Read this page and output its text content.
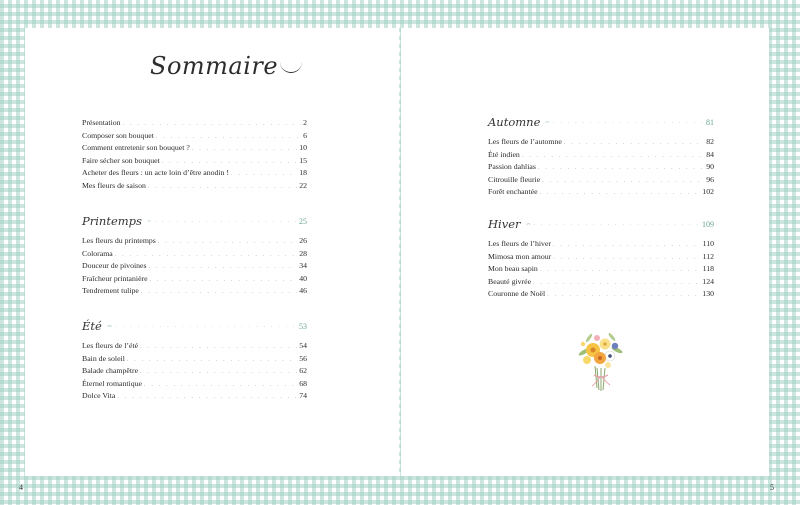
Sommaire
Présentation . . .	2
Composer son bouquet . . .	6
Comment entretenir son bouquet ? . . .	10
Faire sécher son bouquet . . .	15
Acheter des fleurs : un acte loin d’être anodin ! . . .	18
Mes fleurs de saison . . .	22
Printemps . . .	25
Les fleurs du printemps . . .	26
Colorama . . .	28
Douceur de pivoines . . .	34
Fraîcheur printanière . . .	40
Tendrement tulipe . . .	46
Été . . .	53
Les fleurs de l’été . . .	54
Bain de soleil . . .	56
Balade champêtre . . .	62
Éternel romantique . . .	68
Dolce Vita . . .	74
Automne . . .	81
Les fleurs de l’automne . . .	82
Été indien . . .	84
Passion dahlias . . .	90
Citrouille fleurie . . .	96
Forêt enchantée . . .	102
Hiver . . .	109
Les fleurs de l’hiver . . .	110
Mimosa mon amour . . .	112
Mon beau sapin . . .	118
Beauté givrée . . .	124
Couronne de Noël . . .	130
4	5
